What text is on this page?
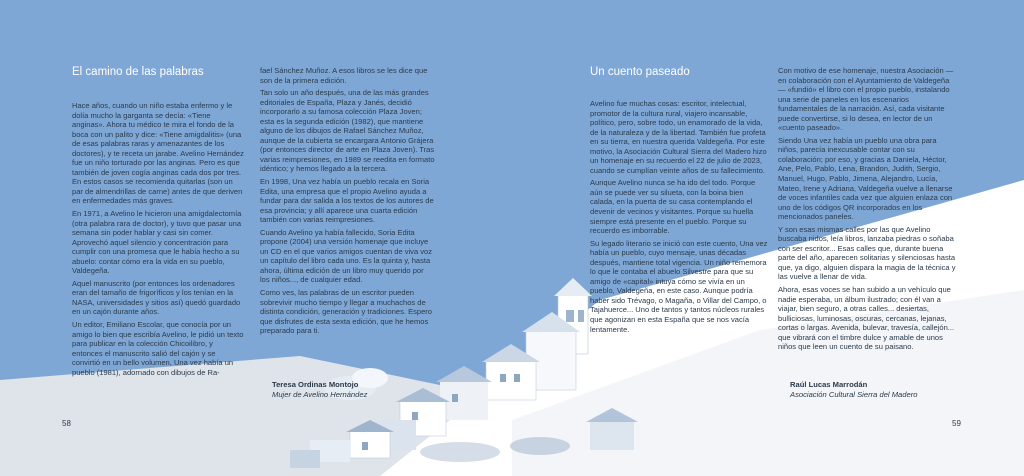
El camino de las palabras

Hace años, cuando un niño estaba enfermo y le dolía mucho la garganta se decía: «Tiene anginas». Ahora tu médico te mira el fondo de la boca con un palito y dice: «Tiene amigdalitis» (una de esas palabras raras y amenazantes de los doctores), y te receta un jarabe. Avelino Hernández fue un niño torturado por las anginas. Pero es que también de joven cogía anginas cada dos por tres. En estos casos se recomienda quitarlas (son un par de almendrillas de carne) antes de que deriven en enfermedades más graves.

En 1971, a Avelino le hicieron una amigdalectomía (otra palabra rara de doctor), y tuvo que pasar una semana sin poder hablar y casi sin comer. Aprovechó aquel silencio y concentración para cumplir con una promesa que le había hecho a su abuelo: contar cómo era la vida en su pueblo, Valdegeña.

Aquel manuscrito (por entonces los ordenadores eran del tamaño de frigoríficos y los tenían en la NASA, universidades y sitios así) quedó guardado en un cajón durante años.

Un editor, Emiliano Escolar, que conocía por un amigo lo bien que escribía Avelino, le pidió un texto para publicar en la colección Chicoilibro, y entonces el manuscrito salió del cajón y se convirtió en un bello volumen, Una vez había un pueblo (1981), adornado con dibujos de Ra-

fael Sánchez Muñoz. A esos libros se les dice que son de la primera edición.

Tan solo un año después, una de las más grandes editoriales de España, Plaza y Janés, decidió incorporarlo a su famosa colección Plaza Joven; esta es la segunda edición (1982), que mantiene alguno de los dibujos de Rafael Sánchez Muñoz, aunque de la cubierta se encargara Antonio Grájera (por entonces director de arte en Plaza Joven). Tras varias reimpresiones, en 1989 se reedita en formato idéntico; y hemos llegado a la tercera.

En 1998, Una vez había un pueblo recala en Soria Edita, una empresa que el propio Avelino ayuda a fundar para dar salida a los textos de los autores de esa provincia; y allí aparece una cuarta edición también con varias reimpresiones.

Cuando Avelino ya había fallecido, Soria Edita propone (2004) una versión homenaje que incluye un CD en el que varios amigos cuentan de viva voz un capítulo del libro cada uno. Es la quinta y, hasta ahora, última edición de un libro muy querido por los niños..., de cualquier edad.

Como ves, las palabras de un escritor pueden sobrevivir mucho tiempo y llegar a muchachos de distinta condición, generación y tradiciones. Espero que disfrutes de esta sexta edición, que he hemos preparado para ti.

Teresa Ordinas Montojo
Mujer de Avelino Hernández
58
Un cuento paseado

Avelino fue muchas cosas: escritor, intelectual, promotor de la cultura rural, viajero incansable, político, pero, sobre todo, un enamorado de la vida, de la naturaleza y de la libertad. También fue profeta en su tierra, en nuestra querida Valdegeña. Por este motivo, la Asociación Cultural Sierra del Madero hizo un homenaje en su recuerdo el 22 de julio de 2023, cuando se cumplían veinte años de su fallecimiento.

Aunque Avelino nunca se ha ido del todo. Porque aún se puede ver su silueta, con la boina bien calada, en la puerta de su casa contemplando el devenir de vecinos y visitantes. Porque su huella siempre está presente en el pueblo. Porque su recuerdo es imborrable.

Su legado literario se inició con este cuento, Una vez había un pueblo, cuyo mensaje, unas décadas después, mantiene total vigencia. Un niño rememora lo que le contaba el abuelo Silvestre para que su amigo de «capital» intuya cómo se vivía en un pueblo, Valdegeña, en este caso. Aunque podría haber sido Trévago, o Magaña, o Villar del Campo, o Tajahuerce... Uno de tantos y tantos núcleos rurales que agonizan en esta España que se nos vacía lentamente.

Con motivo de ese homenaje, nuestra Asociación —en colaboración con el Ayuntamiento de Valdegeña— «fundió» el libro con el propio pueblo, instalando una serie de paneles en los escenarios fundamentales de la narración. Así, cada visitante puede convertirse, si lo desea, en lector de un «cuento paseado».

Siendo Una vez había un pueblo una obra para niños, parecía inexcusable contar con su colaboración; por eso, y gracias a Daniela, Héctor, Ane, Pelo, Pablo, Lena, Brandon, Judith, Sergio, Manuel, Hugo, Pablo, Jimena, Alejandro, Lucía, Mateo, Irene y Adriana, Valdegeña vuelve a llenarse de voces infantiles cada vez que alguien enlaza con uno de los códigos QR incorporados en los mencionados paneles.

Y son esas mismas calles por las que Avelino buscaba nidos, leía libros, lanzaba piedras o soñaba con ser escritor... Esas calles que, durante buena parte del año, aparecen solitarias y silenciosas hasta que, ya digo, alguien dispara la magia de la técnica y las vuelve a llenar de vida.

Ahora, esas voces se han subido a un vehículo que nadie esperaba, un álbum ilustrado; con él van a viajar, bien seguro, a otras calles... desiertas, bulliciosas, luminosas, oscuras, cercanas, lejanas, cortas o largas. Avenida, bulevar, travesía, callejón... que vibrará con el timbre dulce y amable de unos niños que leen un cuento de su paisano.

Raúl Lucas Marrodán
Asociación Cultural Sierra del Madero
59
